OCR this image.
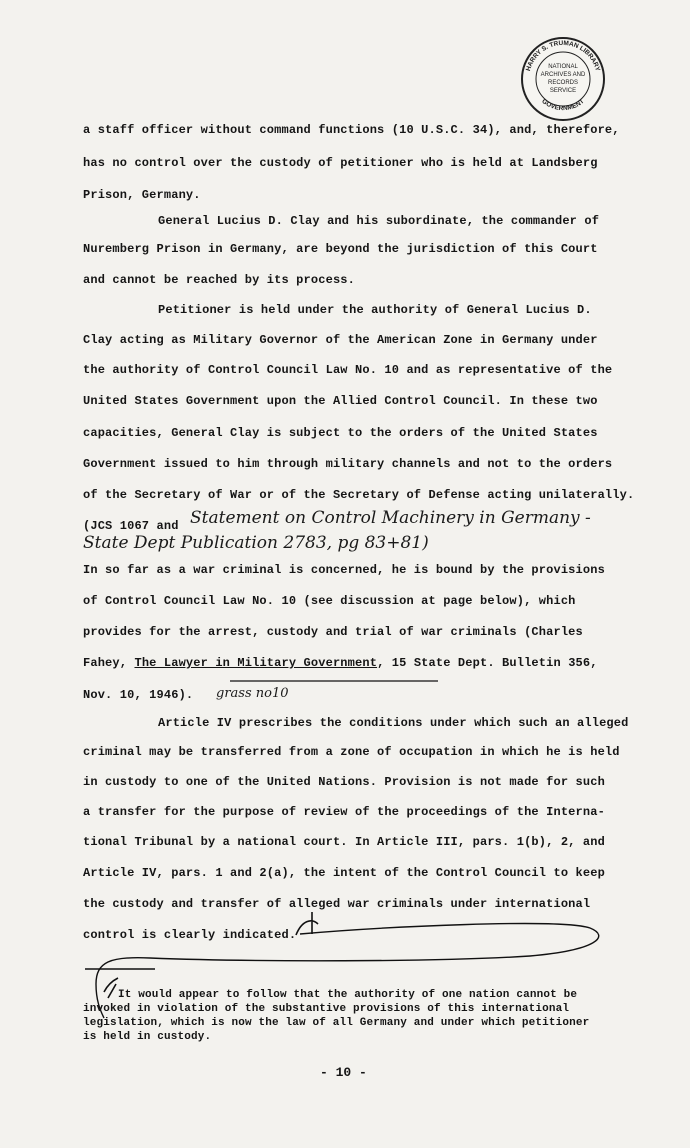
HARRY S. TRUMAN LIBRARY
GOVERNMENT
NATIONAL
ARCHIVES AND
RECORDS
SERVICE
a staff officer without command functions (10 U.S.C. 34), and, therefore,
has no control over the custody of petitioner who is held at Landsberg
Prison, Germany.
General Lucius D. Clay and his subordinate, the commander of
Nuremberg Prison in Germany, are beyond the jurisdiction of this Court
and cannot be reached by its process.
Petitioner is held under the authority of General Lucius D.
Clay acting as Military Governor of the American Zone in Germany under
the authority of Control Council Law No. 10 and as representative of the
United States Government upon the Allied Control Council. In these two
capacities, General Clay is subject to the orders of the United States
Government issued to him through military channels and not to the orders
of the Secretary of War or of the Secretary of Defense acting unilaterally.
(JCS 1067 and Statement on Control Machinery in Germany -
State Dept Publication 2783, pg 83+81)
In so far as a war criminal is concerned, he is bound by the provisions
of Control Council Law No. 10 (see discussion at page below), which
provides for the arrest, custody and trial of war criminals (Charles
Fahey, The Lawyer in Military Government, 15 State Dept. Bulletin 356,
Nov. 10, 1946). grass no10
Article IV prescribes the conditions under which such an alleged
criminal may be transferred from a zone of occupation in which he is held
in custody to one of the United Nations. Provision is not made for such
a transfer for the purpose of review of the proceedings of the Interna-
tional Tribunal by a national court. In Article III, pars. 1(b), 2, and
Article IV, pars. 1 and 2(a), the intent of the Control Council to keep
the custody and transfer of alleged war criminals under international
control is clearly indicated.
It would appear to follow that the authority of one nation cannot be
invoked in violation of the substantive provisions of this international
legislation, which is now the law of all Germany and under which petitioner
is held in custody.
- 10 -
